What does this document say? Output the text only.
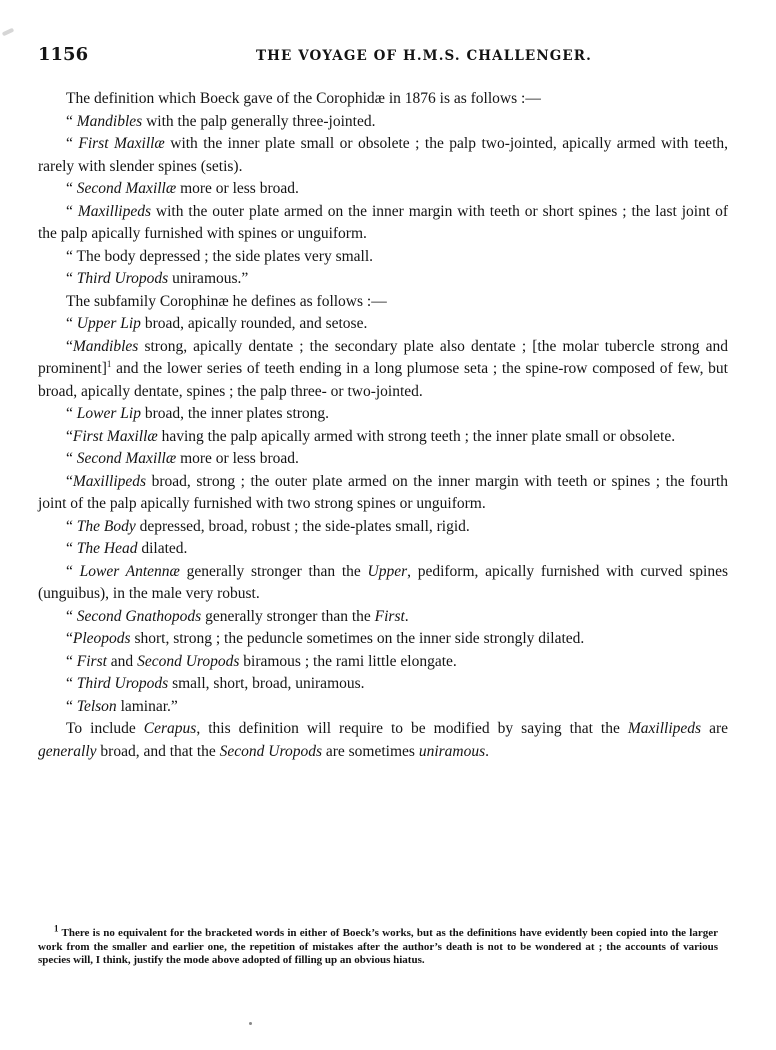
1156	THE VOYAGE OF H.M.S. CHALLENGER.

The definition which Boeck gave of the Corophidæ in 1876 is as follows :—

“ Mandibles with the palp generally three-jointed.

“ First Maxillæ with the inner plate small or obsolete ; the palp two-jointed, apically armed with teeth, rarely with slender spines (setis).

“ Second Maxillæ more or less broad.

“ Maxillipeds with the outer plate armed on the inner margin with teeth or short spines ; the last joint of the palp apically furnished with spines or unguiform.

“ The body depressed ; the side plates very small.

“ Third Uropods uniramous.”

The subfamily Corophinæ he defines as follows :—

“ Upper Lip broad, apically rounded, and setose.

“Mandibles strong, apically dentate ; the secondary plate also dentate ; [the molar tubercle strong and prominent]$^1$ and the lower series of teeth ending in a long plumose seta ; the spine-row composed of few, but broad, apically dentate, spines ; the palp three- or two-jointed.

“ Lower Lip broad, the inner plates strong.

“First Maxillæ having the palp apically armed with strong teeth ; the inner plate small or obsolete.

“ Second Maxillæ more or less broad.

“Maxillipeds broad, strong ; the outer plate armed on the inner margin with teeth or spines ; the fourth joint of the palp apically furnished with two strong spines or unguiform.

“ The Body depressed, broad, robust ; the side-plates small, rigid.

“ The Head dilated.

“ Lower Antennæ generally stronger than the Upper, pediform, apically furnished with curved spines (unguibus), in the male very robust.

“ Second Gnathopods generally stronger than the First.

“Pleopods short, strong ; the peduncle sometimes on the inner side strongly dilated.

“ First and Second Uropods biramous ; the rami little elongate.

“ Third Uropods small, short, broad, uniramous.

“ Telson laminar.”

To include Cerapus, this definition will require to be modified by saying that the Maxillipeds are generally broad, and that the Second Uropods are sometimes uniramous.

$^1$ There is no equivalent for the bracketed words in either of Boeck’s works, but as the definitions have evidently been copied into the larger work from the smaller and earlier one, the repetition of mistakes after the author’s death is not to be wondered at ; the accounts of various species will, I think, justify the mode above adopted of filling up an obvious hiatus.
